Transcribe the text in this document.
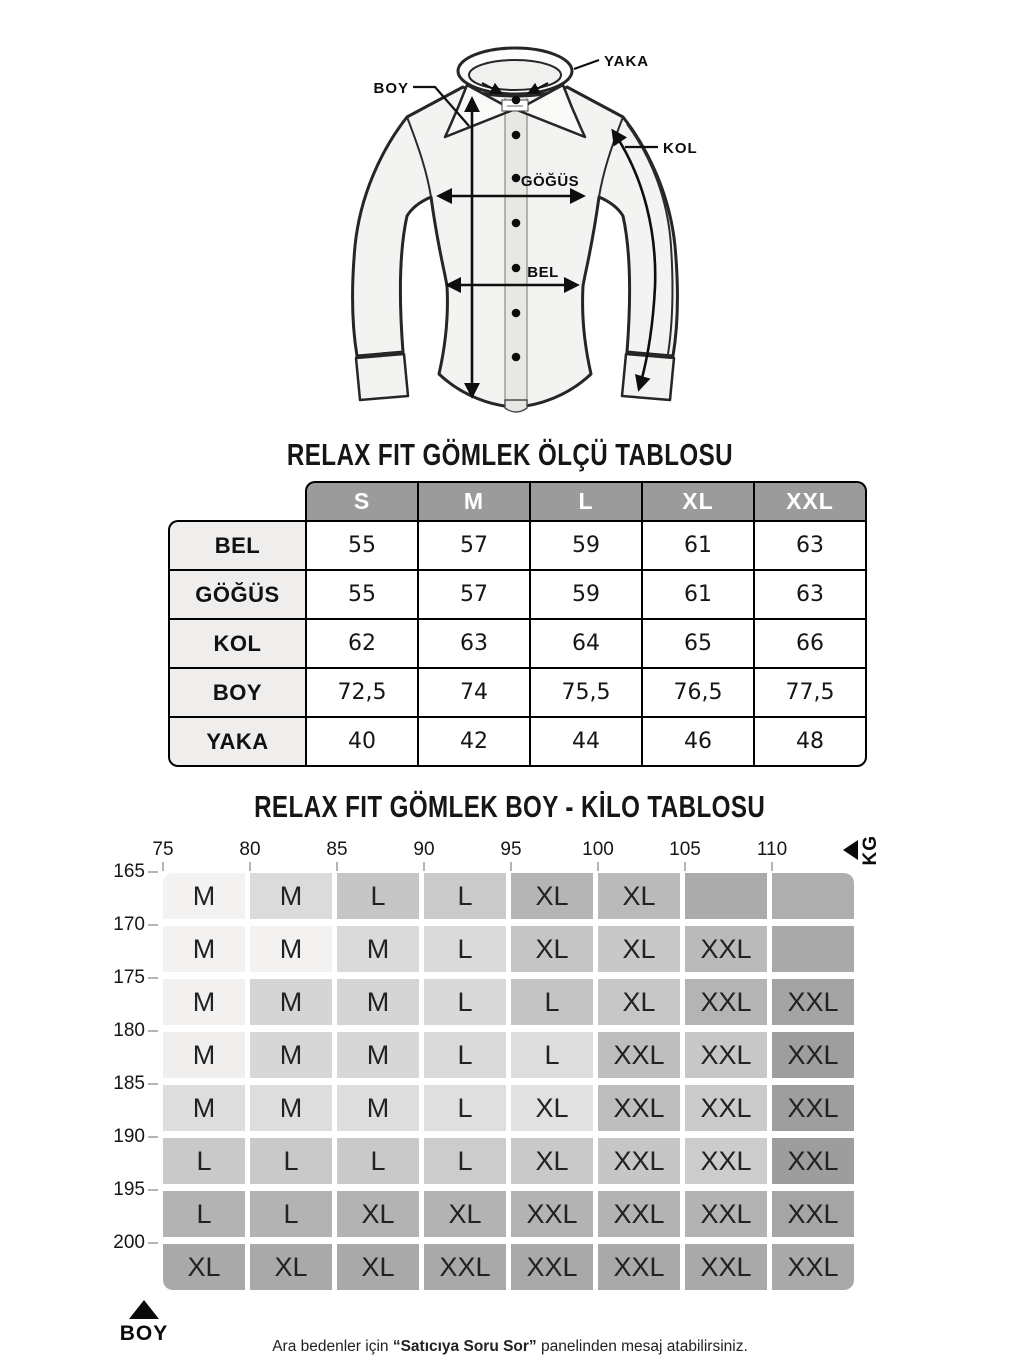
YAKA
BOY
KOL
GÖĞÜS
BEL
RELAX FIT GÖMLEK ÖLÇÜ TABLOSU
	S	M	L	XL	XXL
BEL	55	57	59	61	63
GÖĞÜS	55	57	59	61	63
KOL	62	63	64	65	66
BOY	72,5	74	75,5	76,5	77,5
YAKA	40	42	44	46	48
RELAX FIT GÖMLEK BOY - KİLO TABLOSU
KG
75	80	85	90	95	100	105	110
165
M	M	L	L	XL	XL
170
M	M	M	L	XL	XL	XXL
175
M	M	M	L	L	XL	XXL	XXL
180
M	M	M	L	L	XXL	XXL	XXL
185
M	M	M	L	XL	XXL	XXL	XXL
190
L	L	L	L	XL	XXL	XXL	XXL
195
L	L	XL	XL	XXL	XXL	XXL	XXL
200
XL	XL	XL	XXL	XXL	XXL	XXL	XXL
BOY

Ara bedenler için “Satıcıya Soru Sor” panelinden mesaj atabilirsiniz.
